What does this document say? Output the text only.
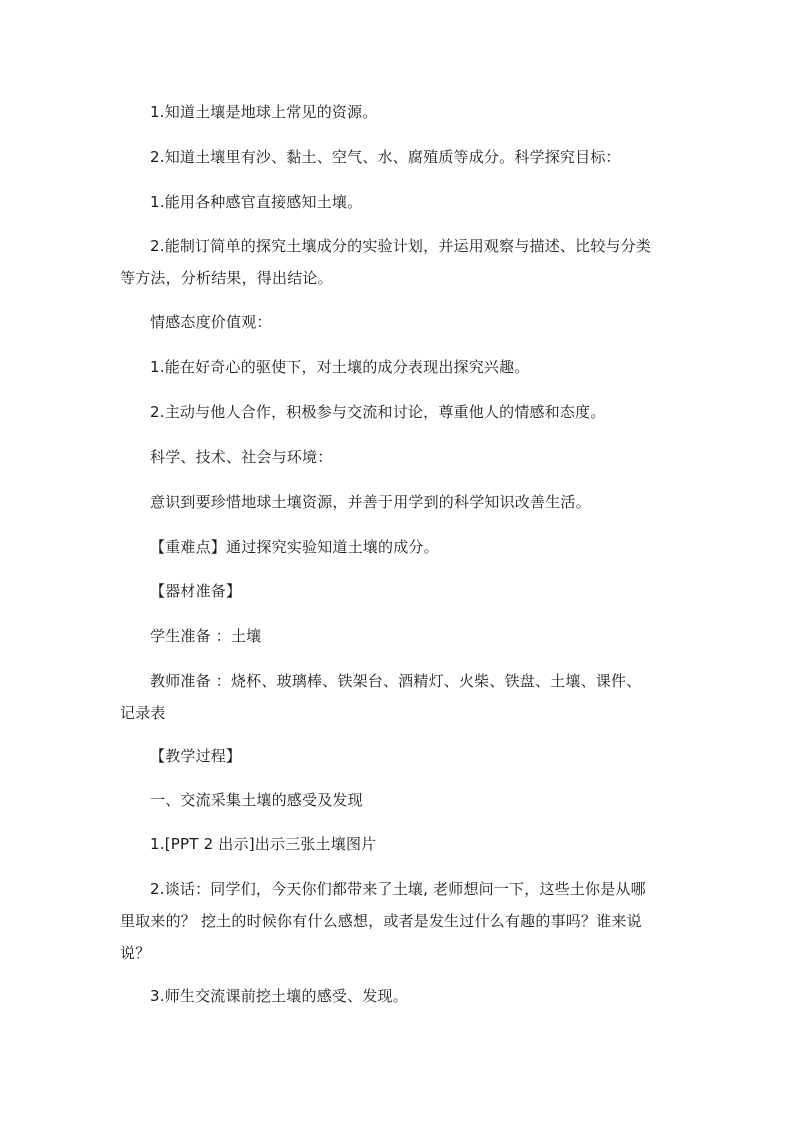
1.知道土壤是地球上常见的资源。

2.知道土壤里有沙、黏土、空气、水、腐殖质等成分。科学探究目标：

1.能用各种感官直接感知土壤。

2.能制订简单的探究土壤成分的实验计划，并运用观察与描述、比较与分类
等方法，分析结果，得出结论。

情感态度价值观：

1.能在好奇心的驱使下，对土壤的成分表现出探究兴趣。

2.主动与他人合作，积极参与交流和讨论，尊重他人的情感和态度。

科学、技术、社会与环境：

意识到要珍惜地球土壤资源，并善于用学到的科学知识改善生活。

【重难点】通过探究实验知道土壤的成分。

【器材准备】

学生准备 ：土壤

教师准备 ：烧杯、玻璃棒、铁架台、酒精灯、火柴、铁盘、土壤、课件、
记录表

【教学过程】

一、交流采集土壤的感受及发现

1.[PPT 2 出示]出示三张土壤图片

2.谈话：同学们，今天你们都带来了土壤, 老师想问一下，这些土你是从哪
里取来的？ 挖土的时候你有什么感想，或者是发生过什么有趣的事吗？谁来说
说？

3.师生交流课前挖土壤的感受、发现。
